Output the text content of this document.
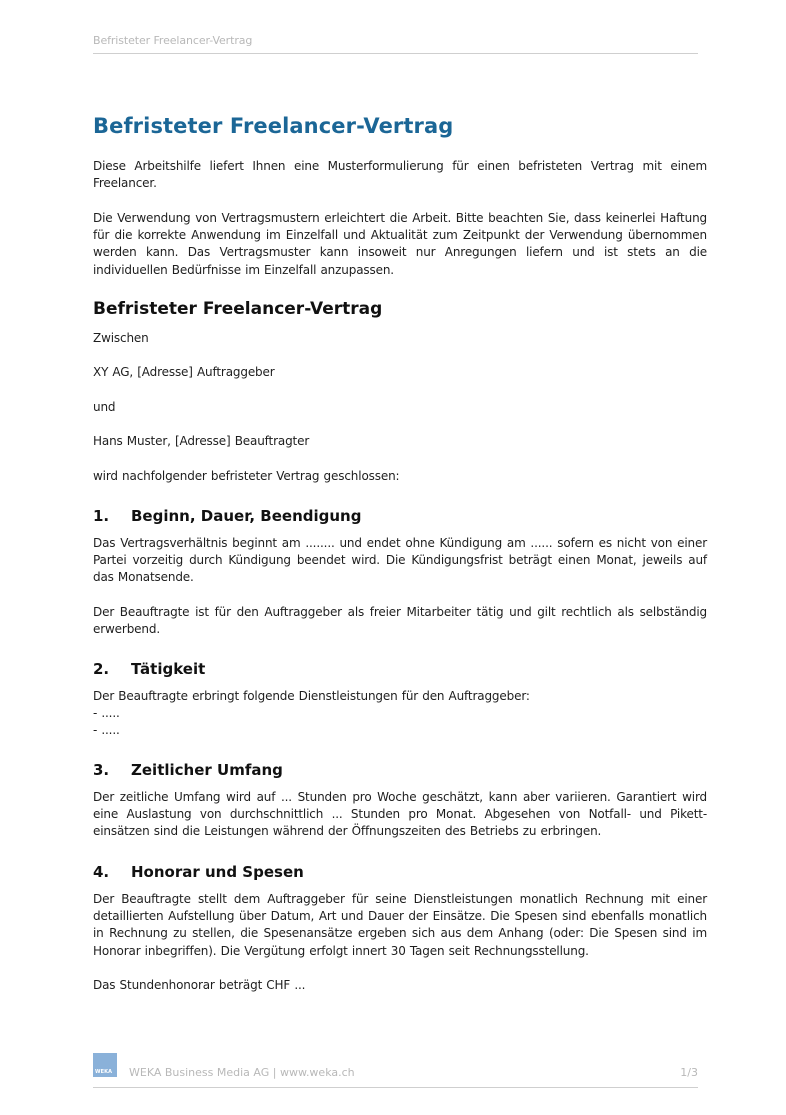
Befristeter Freelancer-Vertrag
Befristeter Freelancer-Vertrag

Diese Arbeitshilfe liefert Ihnen eine Musterformulierung für einen befristeten Vertrag mit einem Freelancer.

Die Verwendung von Vertragsmustern erleichtert die Arbeit. Bitte beachten Sie, dass keinerlei Haftung für die korrekte Anwendung im Einzelfall und Aktualität zum Zeitpunkt der Verwendung übernommen werden kann. Das Vertragsmuster kann insoweit nur Anregungen liefern und ist stets an die individuellen Bedürfnisse im Einzelfall anzupassen.

Befristeter Freelancer-Vertrag

Zwischen

XY AG, [Adresse] Auftraggeber

und

Hans Muster, [Adresse] Beauftragter

wird nachfolgender befristeter Vertrag geschlossen:

1.	Beginn, Dauer, Beendigung

Das Vertragsverhältnis beginnt am ........ und endet ohne Kündigung am ...... sofern es nicht von einer Partei vorzeitig durch Kündigung beendet wird. Die Kündigungsfrist beträgt einen Monat, jeweils auf das Monatsende.

Der Beauftragte ist für den Auftraggeber als freier Mitarbeiter tätig und gilt rechtlich als selbständig erwerbend.

2.	Tätigkeit
Der Beauftragte erbringt folgende Dienstleistungen für den Auftraggeber:
- .....
- .....
3.	Zeitlicher Umfang

Der zeitliche Umfang wird auf ... Stunden pro Woche geschätzt, kann aber variieren. Garantiert wird eine Auslastung von durchschnittlich ... Stunden pro Monat. Abgesehen von Notfall- und Pikett-einsätzen sind die Leistungen während der Öffnungszeiten des Betriebs zu erbringen.

4.	Honorar und Spesen

Der Beauftragte stellt dem Auftraggeber für seine Dienstleistungen monatlich Rechnung mit einer detaillierten Aufstellung über Datum, Art und Dauer der Einsätze. Die Spesen sind ebenfalls monatlich in Rechnung zu stellen, die Spesenansätze ergeben sich aus dem Anhang (oder: Die Spesen sind im Honorar inbegriffen). Die Vergütung erfolgt innert 30 Tagen seit Rechnungsstellung.

Das Stundenhonorar beträgt CHF ...

WEKA WEKA Business Media AG | www.weka.ch	1/3
